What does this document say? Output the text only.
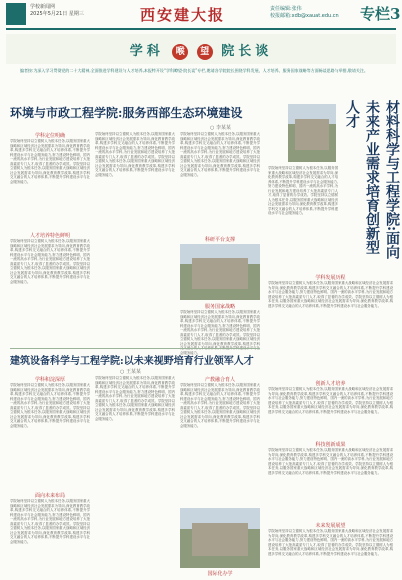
学校新闻网
2025年5月21日 星期三	西安建大报	责任编辑:张伟
校报邮箱:xdb@xauat.edu.cn 专栏3
学科 喉 望 院长谈
编者按:为深入学习贯彻党的二十大精神,全面推进学科建设与人才培养,本报特开设“学科瞭望·院长谈”专栏,邀请各学院院长围绕学科发展、人才培养、服务国家战略等方面畅谈思路与举措,敬请关注。
环境与市政工程学院:服务西部生态环境建设
○ 李某某
学科定位明确
学院始终坚持以立德树人为根本任务,以服务国家重大战略和区域经济社会发展需求为导向,深化教育教学改革,构建多学科交叉融合的人才培养体系,不断提升学科建设水平与社会服务能力,努力建设特色鲜明、国内一流的高水平学科,为行业发展和地方建设培养了大批高素质专门人才,取得了显著的办学成效。学院坚持以立德树人为根本任务,以服务国家重大战略和区域经济社会发展需求为导向,深化教育教学改革,构建多学科交叉融合的人才培养体系,不断提升学科建设水平与社会服务能力。
人才培养特色鲜明
学院始终坚持以立德树人为根本任务,以服务国家重大战略和区域经济社会发展需求为导向,深化教育教学改革,构建多学科交叉融合的人才培养体系,不断提升学科建设水平与社会服务能力,努力建设特色鲜明、国内一流的高水平学科,为行业发展和地方建设培养了大批高素质专门人才,取得了显著的办学成效。学院坚持以立德树人为根本任务,以服务国家重大战略和区域经济社会发展需求为导向,深化教育教学改革,构建多学科交叉融合的人才培养体系,不断提升学科建设水平与社会服务能力。
学院始终坚持以立德树人为根本任务,以服务国家重大战略和区域经济社会发展需求为导向,深化教育教学改革,构建多学科交叉融合的人才培养体系,不断提升学科建设水平与社会服务能力,努力建设特色鲜明、国内一流的高水平学科,为行业发展和地方建设培养了大批高素质专门人才,取得了显著的办学成效。学院坚持以立德树人为根本任务,以服务国家重大战略和区域经济社会发展需求为导向,深化教育教学改革,构建多学科交叉融合的人才培养体系,不断提升学科建设水平与社会服务能力。
学院始终坚持以立德树人为根本任务,以服务国家重大战略和区域经济社会发展需求为导向,深化教育教学改革,构建多学科交叉融合的人才培养体系,不断提升学科建设水平与社会服务能力,努力建设特色鲜明、国内一流的高水平学科,为行业发展和地方建设培养了大批高素质专门人才,取得了显著的办学成效。学院坚持以立德树人为根本任务,以服务国家重大战略和区域经济社会发展需求为导向,深化教育教学改革,构建多学科交叉融合的人才培养体系,不断提升学科建设水平与社会服务能力。
科研平台支撑
服务国家战略
学院始终坚持以立德树人为根本任务,以服务国家重大战略和区域经济社会发展需求为导向,深化教育教学改革,构建多学科交叉融合的人才培养体系,不断提升学科建设水平与社会服务能力,努力建设特色鲜明、国内一流的高水平学科,为行业发展和地方建设培养了大批高素质专门人才,取得了显著的办学成效。学院坚持以立德树人为根本任务,以服务国家重大战略和区域经济社会发展需求为导向,深化教育教学改革,构建多学科 会服务能力。
建筑设备科学与工程学院:以未来视野培育行业领军人才
○ 王某某
学科积淀深厚
学院始终坚持以立德树人为根本任务,以服务国家重大战略和区域经济社会发展需求为导向,深化教育教学改革,构建多学科交叉融合的人才培养体系,不断提升学科建设水平与社会服务能力,努力建设特色鲜明、国内一流的高水平学科,为行业发展和地方建设培养了大批高素质专门人才,取得了显著的办学成效。学院坚持以立德树人为根本任务,以服务国家重大战略和区域经济社会发展需求为导向,深化教育教学改革,构建多学科交叉融合的人才培养体系,不断提升学科建设水平与社会服务能力。
面向未来布局
学院始终坚持以立德树人为根本任务,以服务国家重大战略和区域经济社会发展需求为导向,深化教育教学改革,构建多学科交叉融合的人才培养体系,不断提升学科建设水平与社会服务能力,努力建设特色鲜明、国内一流的高水平学科,为行业发展和地方建设培养了大批高素质专门人才,取得了显著的办学成效。学院坚持以立德树人为根本任务,以服务国家重大战略和区域经济社会发展需求为导向,深化教育教学改革,构建多学科交叉融合的人才培养体系,不断提升学科建设水平与社会服务能力。
学院始终坚持以立德树人为根本任务,以服务国家重大战略和区域经济社会发展需求为导向,深化教育教学改革,构建多学科交叉融合的人才培养体系,不断提升学科建设水平与社会服务能力,努力建设特色鲜明、国内一流的高水平学科,为行业发展和地方建设培养了大批高素质专门人才,取得了显著的办学成效。学院坚持以立德树人为根本任务,以服务国家重大战略和区域经济社会发展需求为导向,深化教育教学改革,构建多学科交叉融合的人才培养体系,不断提升学科建设水平与社会服务能力。
产教融合育人
学院始终坚持以立德树人为根本任务,以服务国家重大战略和区域经济社会发展需求为导向,深化教育教学改革,构建多学科交叉融合的人才培养体系,不断提升学科建设水平与社会服务能力,努力建设特色鲜明、国内一流的高水平学科,为行业发展和地方建设培养了大批高素质专门人才,取得了显著的办学成效。学院坚持以立德树人为根本任务,以服务国家重大战略和区域经济社会发展需求为导向,深化教育教学改革,构建多学科交叉融合的人才培养体系,不断提升学科建设水平与社会服务能力。
国际化办学
材料科学与工程学院:面向未来产业需求培育创新型人才
学院始终坚持以立德树人为根本任务,以服务国家重大战略和区域经济社会发展需求为导向,深化教育教学改革,构建多学科交叉融合的人才培养体系,不断提升学科建设水平与社会服务能力,努力建设特色鲜明、国内一流的高水平学科,为行业发展和地方建设培养了大批高素质专门人才,取得了显著的办学成效。学院坚持以立德树人为根本任务,以服务国家重大战略和区域经济社会发展需求为导向,深化教育教学改革,构建多学科交叉融合的人才培养体系,不断提升学科建设水平与社会服务能力。
学科发展历程
学院始终坚持以立德树人为根本任务,以服务国家重大战略和区域经济社会发展需求为导向,深化教育教学改革,构建多学科交叉融合的人才培养体系,不断提升学科建设水平与社会服务能力,努力建设特色鲜明、国内一流的高水平学科,为行业发展和地方建设培养了大批高素质专门人才,取得了显著的办学成效。学院坚持以立德树人为根本任务,以服务国家重大战略和区域经济社会发展需求为导向,深化教育教学改革,构建多学科交叉融合的人才培养体系,不断提升学科建设水平与社会服务能力。
创新人才培养
学院始终坚持以立德树人为根本任务,以服务国家重大战略和区域经济社会发展需求为导向,深化教育教学改革,构建多学科交叉融合的人才培养体系,不断提升学科建设水平与社会服务能力,努力建设特色鲜明、国内一流的高水平学科,为行业发展和地方建设培养了大批高素质专门人才,取得了显著的办学成效。学院坚持以立德树人为根本任务,以服务国家重大战略和区域经济社会发展需求为导向,深化教育教学改革,构建多学科交叉融合的人才培养体系,不断提升学科建设水平与社会服务能力。
科技创新成果
学院始终坚持以立德树人为根本任务,以服务国家重大战略和区域经济社会发展需求为导向,深化教育教学改革,构建多学科交叉融合的人才培养体系,不断提升学科建设水平与社会服务能力,努力建设特色鲜明、国内一流的高水平学科,为行业发展和地方建设培养了大批高素质专门人才,取得了显著的办学成效。学院坚持以立德树人为根本任务,以服务国家重大战略和区域经济社会发展需求为导向,深化教育教学改革,构建多学科交叉融合的人才培养体系,不断提升学科建设水平与社会服务能力。
未来发展展望
学院始终坚持以立德树人为根本任务,以服务国家重大战略和区域经济社会发展需求为导向,深化教育教学改革,构建多学科交叉融合的人才培养体系,不断提升学科建设水平与社会服务能力,努力建设特色鲜明、国内一流的高水平学科,为行业发展和地方建设培养了大批高素质专门人才,取得了显著的办学成效。学院坚持以立德树人为根本任务,以服务国家重大战略和区域经济社会发展需求为导向,深化教育教学改革,构建多学科交叉融合的人才培养体系,不断提升学科建设水平与社会服务能力。
